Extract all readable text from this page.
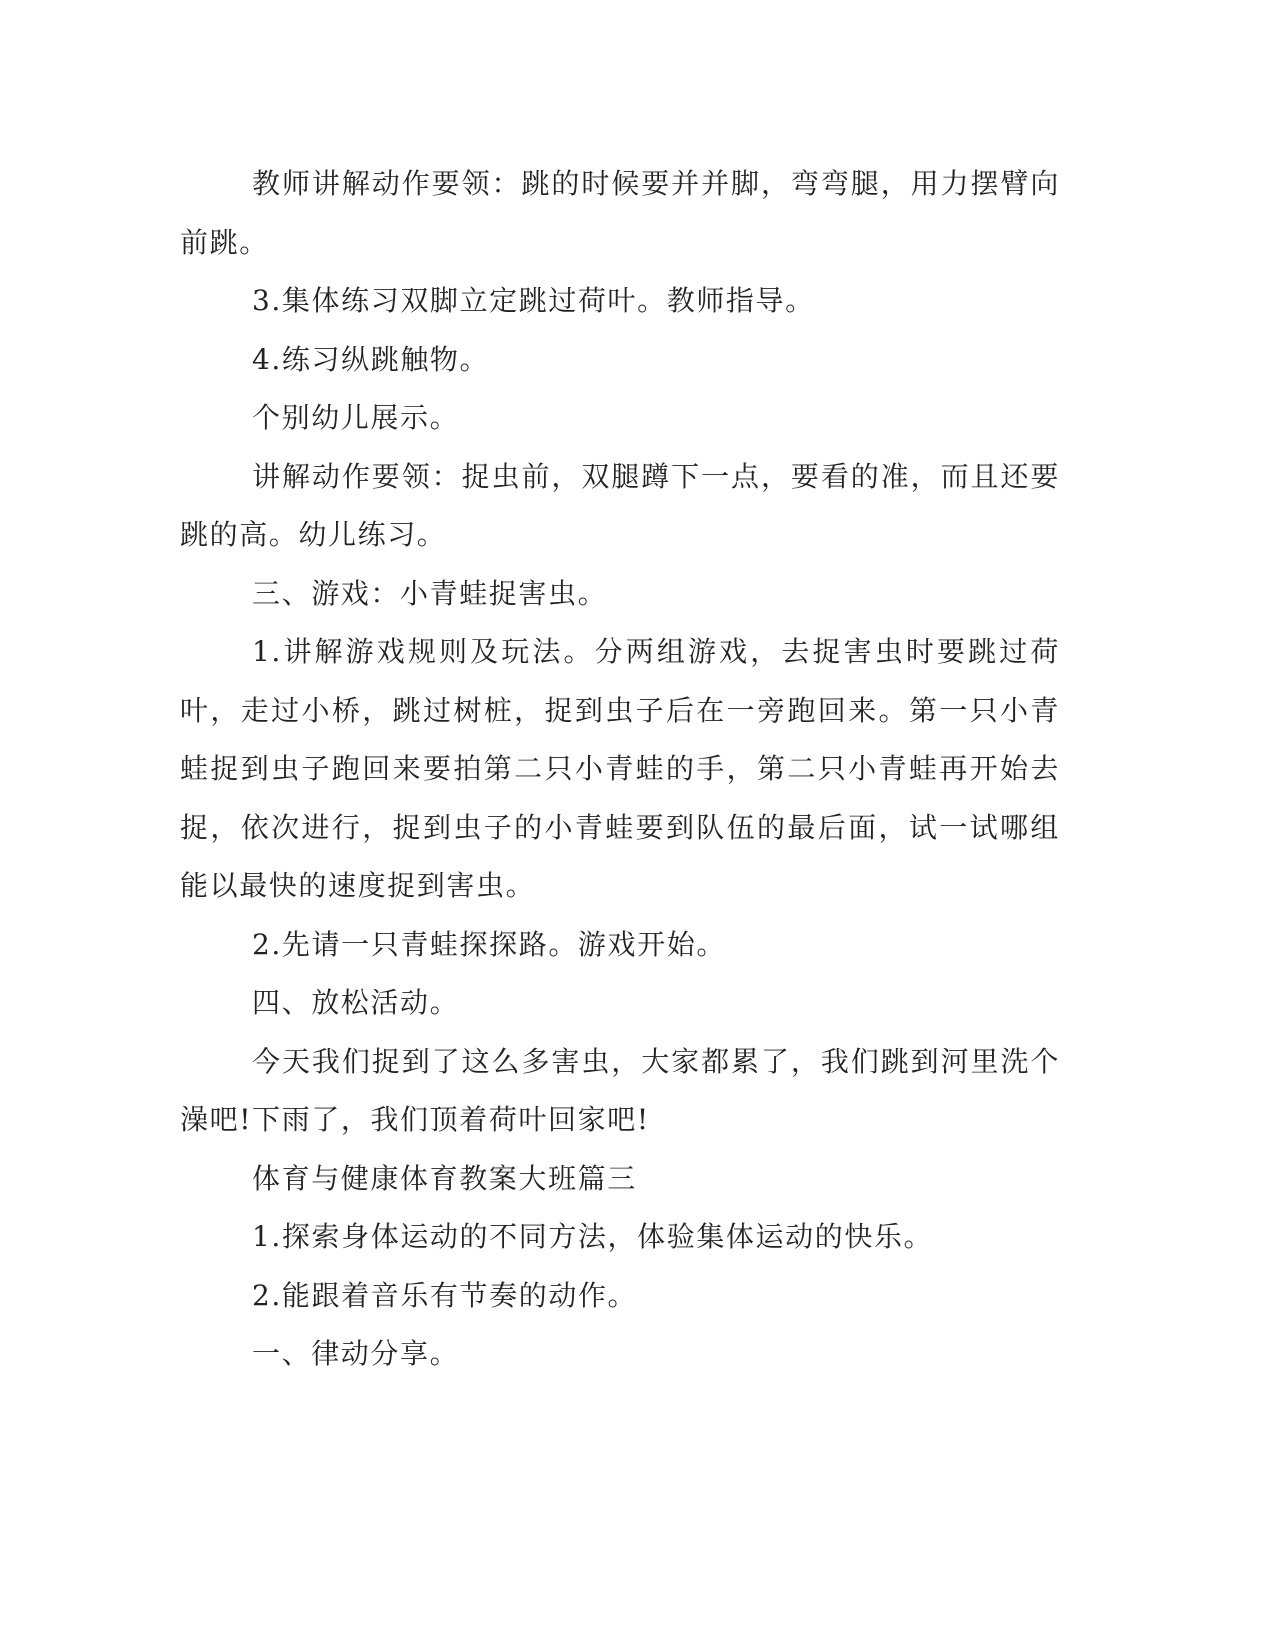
教师讲解动作要领：跳的时候要并并脚，弯弯腿，用力摆臂向前跳。

3.集体练习双脚立定跳过荷叶。教师指导。

4.练习纵跳触物。

个别幼儿展示。

讲解动作要领：捉虫前，双腿蹲下一点，要看的准，而且还要跳的高。幼儿练习。

三、游戏：小青蛙捉害虫。

1.讲解游戏规则及玩法。分两组游戏，去捉害虫时要跳过荷叶，走过小桥，跳过树桩，捉到虫子后在一旁跑回来。第一只小青蛙捉到虫子跑回来要拍第二只小青蛙的手，第二只小青蛙再开始去捉，依次进行，捉到虫子的小青蛙要到队伍的最后面，试一试哪组能以最快的速度捉到害虫。

2.先请一只青蛙探探路。游戏开始。

四、放松活动。

今天我们捉到了这么多害虫，大家都累了，我们跳到河里洗个澡吧!下雨了，我们顶着荷叶回家吧!

体育与健康体育教案大班篇三

1.探索身体运动的不同方法，体验集体运动的快乐。

2.能跟着音乐有节奏的动作。

一、律动分享。
